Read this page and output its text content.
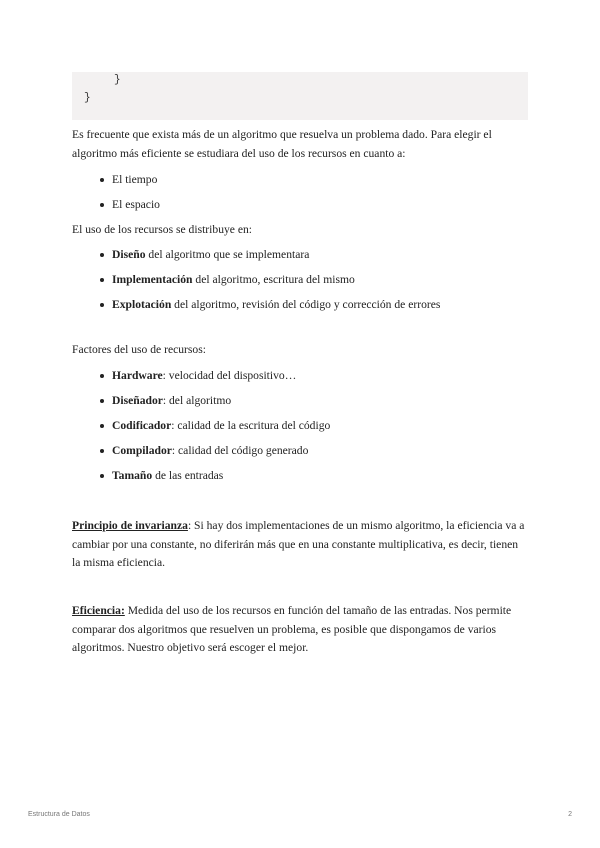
}
}

Es frecuente que exista más de un algoritmo que resuelva un problema dado. Para elegir el algoritmo más eficiente se estudiara del uso de los recursos en cuanto a:

El tiempo
El espacio

El uso de los recursos se distribuye en:

Diseño del algoritmo que se implementara
Implementación del algoritmo, escritura del mismo
Explotación del algoritmo, revisión del código y corrección de errores

Factores del uso de recursos:

Hardware: velocidad del dispositivo…
Diseñador: del algoritmo
Codificador: calidad de la escritura del código
Compilador: calidad del código generado
Tamaño de las entradas

Principio de invarianza: Si hay dos implementaciones de un mismo algoritmo, la eficiencia va a cambiar por una constante, no diferirán más que en una constante multiplicativa, es decir, tienen la misma eficiencia.

Eficiencia: Medida del uso de los recursos en función del tamaño de las entradas. Nos permite comparar dos algoritmos que resuelven un problema, es posible que dispongamos de varios algoritmos. Nuestro objetivo será escoger el mejor.

Estructura de Datos	2
